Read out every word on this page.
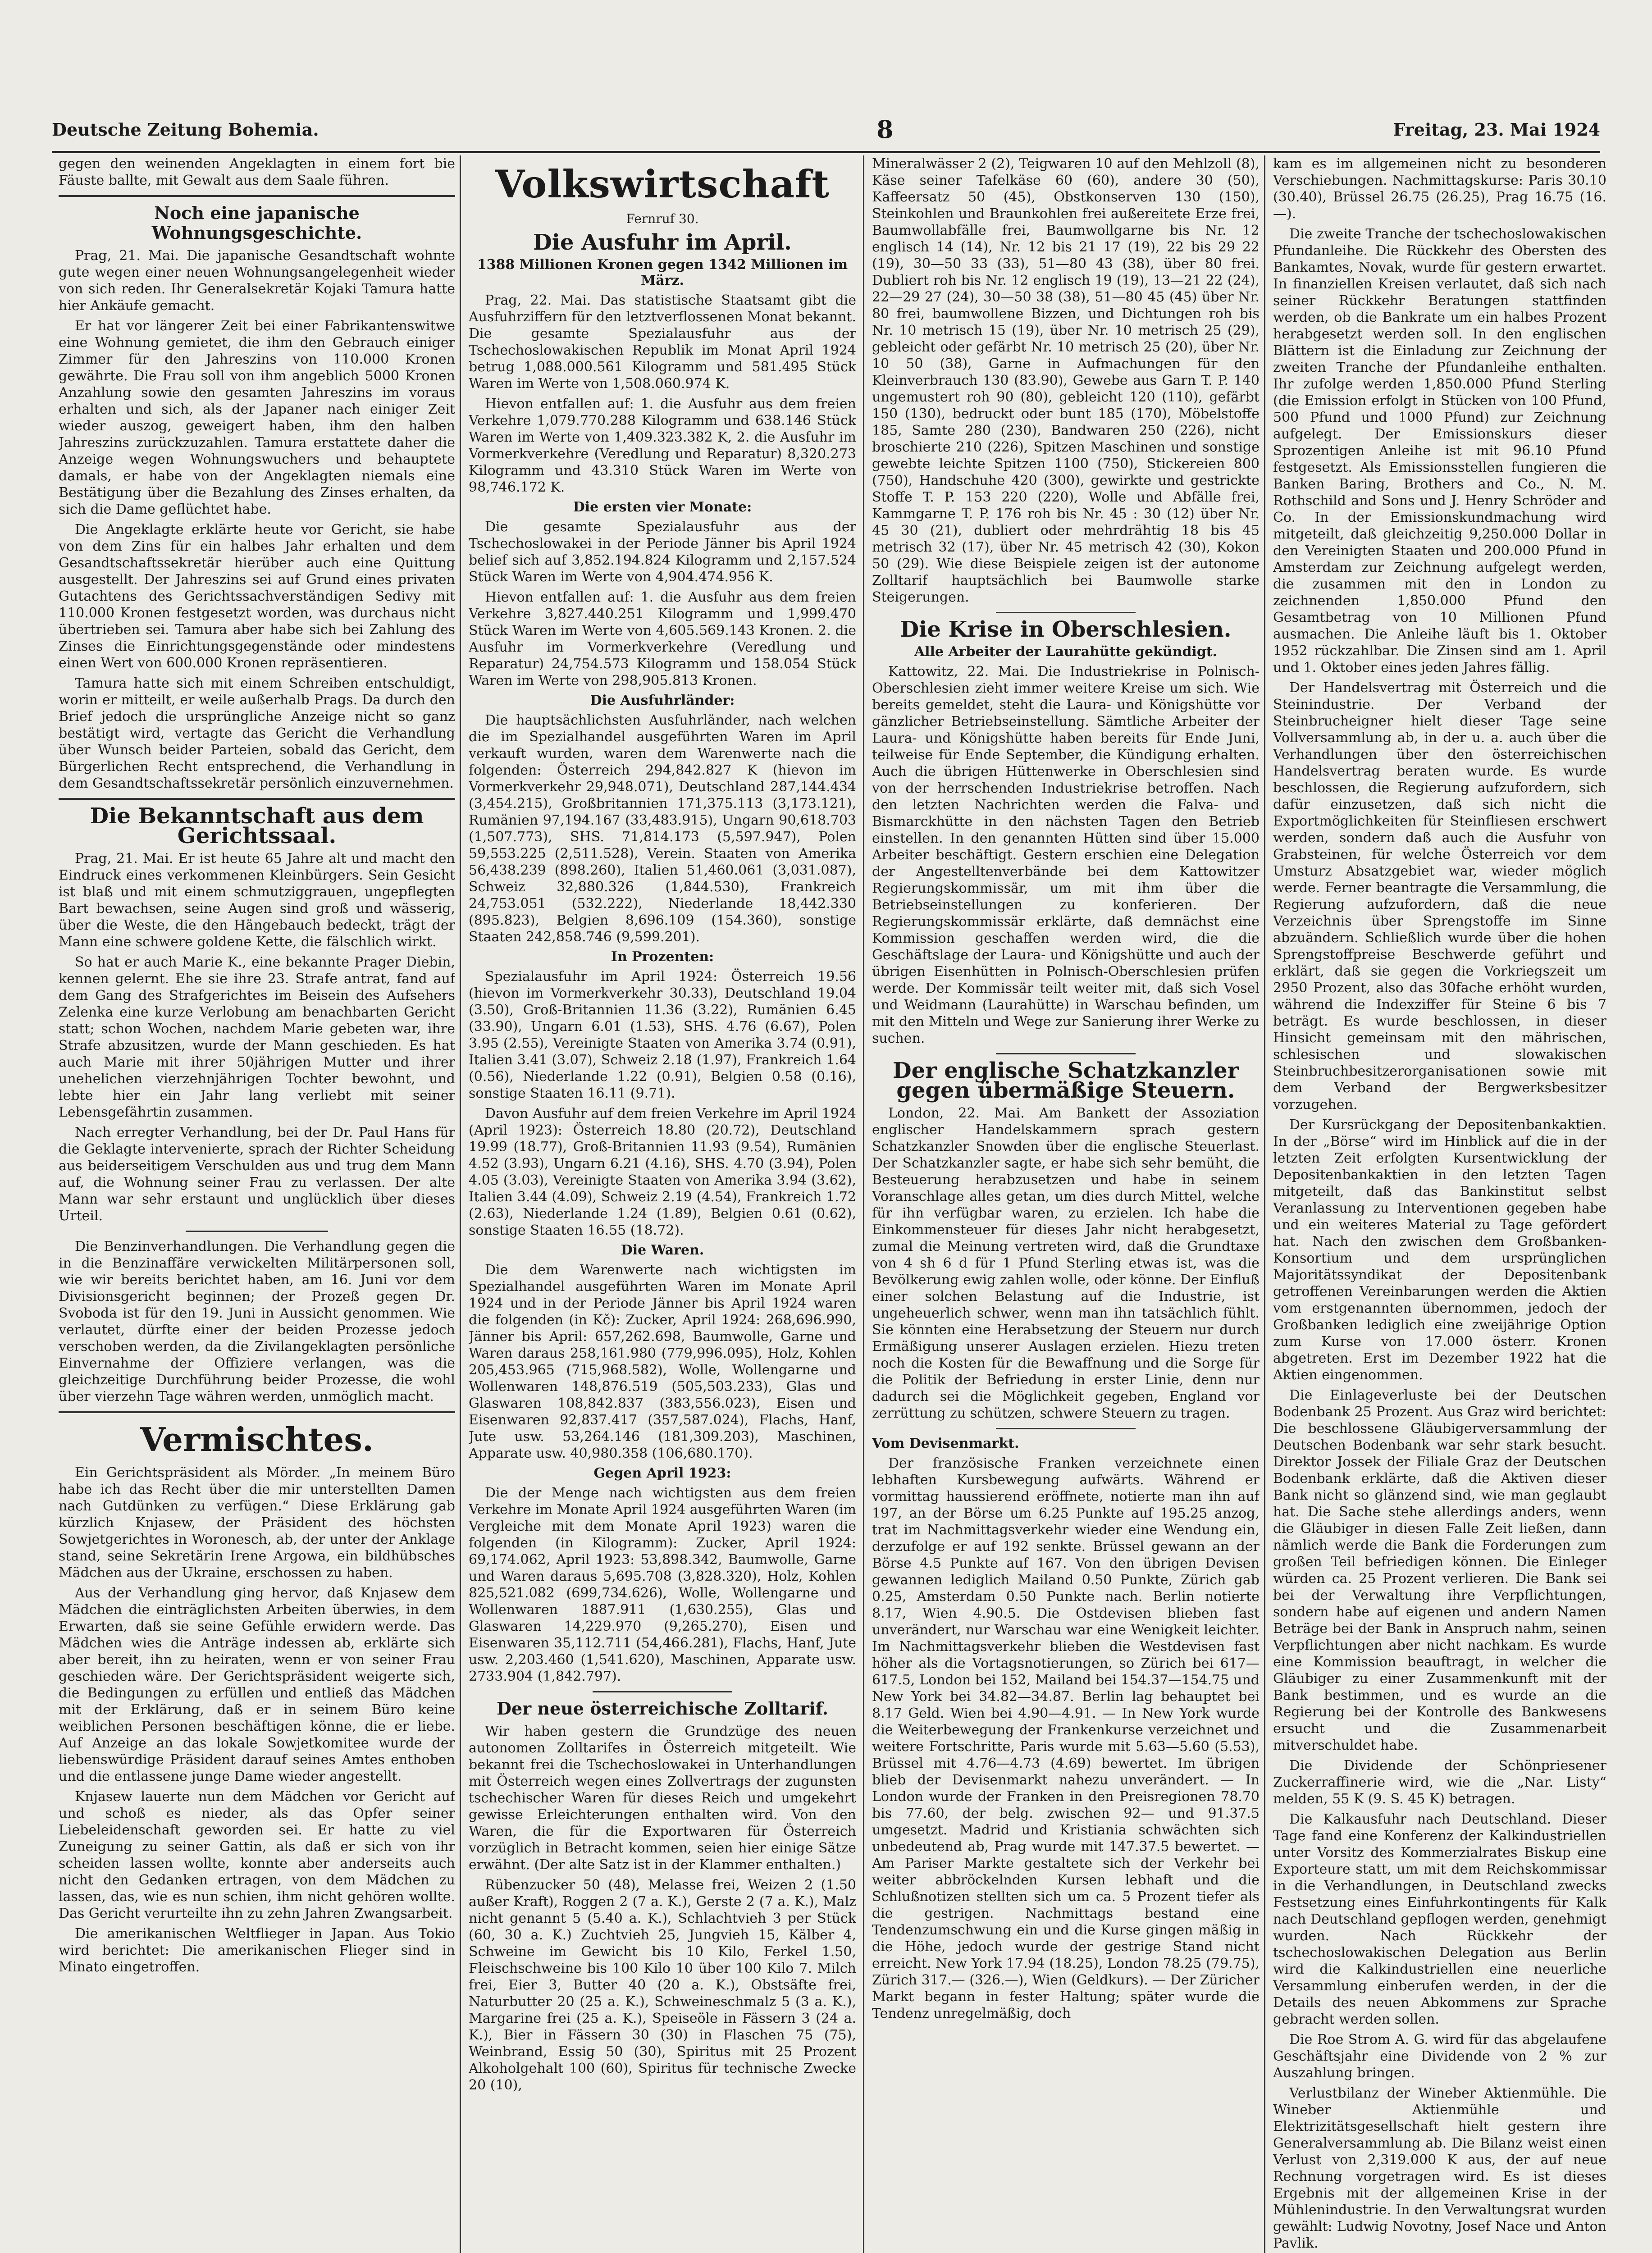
Deutsche Zeitung Bohemia.	8	Freitag, 23. Mai 1924

gegen den weinenden Angeklagten in einem fort bie Fäuste ballte, mit Gewalt aus dem Saale führen.

Noch eine japanische Wohnungsgeschichte.

Prag, 21. Mai. Die japanische Gesandtschaft wohnte gute wegen einer neuen Wohnungsangelegenheit wieder von sich reden. Ihr Generalsekretär Kojaki Tamura hatte hier Ankäufe gemacht.

Er hat vor längerer Zeit bei einer Fabrikantenswitwe eine Wohnung gemietet, die ihm den Gebrauch einiger Zimmer für den Jahreszins von 110.000 Kronen gewährte. Die Frau soll von ihm angeblich 5000 Kronen Anzahlung sowie den gesamten Jahreszins im voraus erhalten und sich, als der Japaner nach einiger Zeit wieder auszog, geweigert haben, ihm den halben Jahreszins zurückzuzahlen. Tamura erstattete daher die Anzeige wegen Wohnungswuchers und behauptete damals, er habe von der Angeklagten niemals eine Bestätigung über die Bezahlung des Zinses erhalten, da sich die Dame geflüchtet habe.

Die Angeklagte erklärte heute vor Gericht, sie habe von dem Zins für ein halbes Jahr erhalten und dem Gesandtschaftssekretär hierüber auch eine Quittung ausgestellt. Der Jahreszins sei auf Grund eines privaten Gutachtens des Gerichtssachverständigen Sedivy mit 110.000 Kronen festgesetzt worden, was durchaus nicht übertrieben sei. Tamura aber habe sich bei Zahlung des Zinses die Einrichtungsgegenstände oder mindestens einen Wert von 600.000 Kronen repräsentieren.

Tamura hatte sich mit einem Schreiben entschuldigt, worin er mitteilt, er weile außerhalb Prags. Da durch den Brief jedoch die ursprüngliche Anzeige nicht so ganz bestätigt wird, vertagte das Gericht die Verhandlung über Wunsch beider Parteien, sobald das Gericht, dem Bürgerlichen Recht entsprechend, die Verhandlung in dem Gesandtschaftssekretär persönlich einzuvernehmen.

Die Bekanntschaft aus dem Gerichtssaal.

Prag, 21. Mai. Er ist heute 65 Jahre alt und macht den Eindruck eines verkommenen Kleinbürgers. Sein Gesicht ist blaß und mit einem schmutziggrauen, ungepflegten Bart bewachsen, seine Augen sind groß und wässerig, über die Weste, die den Hängebauch bedeckt, trägt der Mann eine schwere goldene Kette, die fälschlich wirkt.

So hat er auch Marie K., eine bekannte Prager Diebin, kennen gelernt. Ehe sie ihre 23. Strafe antrat, fand auf dem Gang des Strafgerichtes im Beisein des Aufsehers Zelenka eine kurze Verlobung am benachbarten Gericht statt; schon Wochen, nachdem Marie gebeten war, ihre Strafe abzusitzen, wurde der Mann geschieden. Es hat auch Marie mit ihrer 50jährigen Mutter und ihrer unehelichen vierzehnjährigen Tochter bewohnt, und lebte hier ein Jahr lang verliebt mit seiner Lebensgefährtin zusammen.

Nach erregter Verhandlung, bei der Dr. Paul Hans für die Geklagte intervenierte, sprach der Richter Scheidung aus beiderseitigem Verschulden aus und trug dem Mann auf, die Wohnung seiner Frau zu verlassen. Der alte Mann war sehr erstaunt und unglücklich über dieses Urteil.

Die Benzinverhandlungen. Die Verhandlung gegen die in die Benzinaffäre verwickelten Militärpersonen soll, wie wir bereits berichtet haben, am 16. Juni vor dem Divisionsgericht beginnen; der Prozeß gegen Dr. Svoboda ist für den 19. Juni in Aussicht genommen. Wie verlautet, dürfte einer der beiden Prozesse jedoch verschoben werden, da die Zivilangeklagten persönliche Einvernahme der Offiziere verlangen, was die gleichzeitige Durchführung beider Prozesse, die wohl über vierzehn Tage währen werden, unmöglich macht.

Vermischtes.

Ein Gerichtspräsident als Mörder. „In meinem Büro habe ich das Recht über die mir unterstellten Damen nach Gutdünken zu verfügen.“ Diese Erklärung gab kürzlich Knjasew, der Präsident des höchsten Sowjetgerichtes in Woronesch, ab, der unter der Anklage stand, seine Sekretärin Irene Argowa, ein bildhübsches Mädchen aus der Ukraine, erschossen zu haben.

Aus der Verhandlung ging hervor, daß Knjasew dem Mädchen die einträglichsten Arbeiten überwies, in dem Erwarten, daß sie seine Gefühle erwidern werde. Das Mädchen wies die Anträge indessen ab, erklärte sich aber bereit, ihn zu heiraten, wenn er von seiner Frau geschieden wäre. Der Gerichtspräsident weigerte sich, die Bedingungen zu erfüllen und entließ das Mädchen mit der Erklärung, daß er in seinem Büro keine weiblichen Personen beschäftigen könne, die er liebe. Auf Anzeige an das lokale Sowjetkomitee wurde der liebenswürdige Präsident darauf seines Amtes enthoben und die entlassene junge Dame wieder angestellt.

Knjasew lauerte nun dem Mädchen vor Gericht auf und schoß es nieder, als das Opfer seiner Liebeleidenschaft geworden sei. Er hatte zu viel Zuneigung zu seiner Gattin, als daß er sich von ihr scheiden lassen wollte, konnte aber anderseits auch nicht den Gedanken ertragen, von dem Mädchen zu lassen, das, wie es nun schien, ihm nicht gehören wollte. Das Gericht verurteilte ihn zu zehn Jahren Zwangsarbeit.

Die amerikanischen Weltflieger in Japan. Aus Tokio wird berichtet: Die amerikanischen Flieger sind in Minato eingetroffen.

Volkswirtschaft
Fernruf 30.
Die Ausfuhr im April.
1388 Millionen Kronen gegen 1342 Millionen im März.

Prag, 22. Mai. Das statistische Staatsamt gibt die Ausfuhrziffern für den letztverflossenen Monat bekannt. Die gesamte Spezialausfuhr aus der Tschechoslowakischen Republik im Monat April 1924 betrug 1,088.000.561 Kilogramm und 581.495 Stück Waren im Werte von 1,508.060.974 K.

Hievon entfallen auf: 1. die Ausfuhr aus dem freien Verkehre 1,079.770.288 Kilogramm und 638.146 Stück Waren im Werte von 1,409.323.382 K, 2. die Ausfuhr im Vormerkverkehre (Veredlung und Reparatur) 8,320.273 Kilogramm und 43.310 Stück Waren im Werte von 98,746.172 K.

Die ersten vier Monate:

Die gesamte Spezialausfuhr aus der Tschechoslowakei in der Periode Jänner bis April 1924 belief sich auf 3,852.194.824 Kilogramm und 2,157.524 Stück Waren im Werte von 4,904.474.956 K.

Hievon entfallen auf: 1. die Ausfuhr aus dem freien Verkehre 3,827.440.251 Kilogramm und 1,999.470 Stück Waren im Werte von 4,605.569.143 Kronen. 2. die Ausfuhr im Vormerkverkehre (Veredlung und Reparatur) 24,754.573 Kilogramm und 158.054 Stück Waren im Werte von 298,905.813 Kronen.

Die Ausfuhrländer:

Die hauptsächlichsten Ausfuhrländer, nach welchen die im Spezialhandel ausgeführten Waren im April verkauft wurden, waren dem Warenwerte nach die folgenden: Österreich 294,842.827 K (hievon im Vormerkverkehr 29,948.071), Deutschland 287,144.434 (3,454.215), Großbritannien 171,375.113 (3,173.121), Rumänien 97,194.167 (33,483.915), Ungarn 90,618.703 (1,507.773), SHS. 71,814.173 (5,597.947), Polen 59,553.225 (2,511.528), Verein. Staaten von Amerika 56,438.239 (898.260), Italien 51,460.061 (3,031.087), Schweiz 32,880.326 (1,844.530), Frankreich 24,753.051 (532.222), Niederlande 18,442.330 (895.823), Belgien 8,696.109 (154.360), sonstige Staaten 242,858.746 (9,599.201).

In Prozenten:

Spezialausfuhr im April 1924: Österreich 19.56 (hievon im Vormerkverkehr 30.33), Deutschland 19.04 (3.50), Groß-Britannien 11.36 (3.22), Rumänien 6.45 (33.90), Ungarn 6.01 (1.53), SHS. 4.76 (6.67), Polen 3.95 (2.55), Vereinigte Staaten von Amerika 3.74 (0.91), Italien 3.41 (3.07), Schweiz 2.18 (1.97), Frankreich 1.64 (0.56), Niederlande 1.22 (0.91), Belgien 0.58 (0.16), sonstige Staaten 16.11 (9.71).

Davon Ausfuhr auf dem freien Verkehre im April 1924 (April 1923): Österreich 18.80 (20.72), Deutschland 19.99 (18.77), Groß-Britannien 11.93 (9.54), Rumänien 4.52 (3.93), Ungarn 6.21 (4.16), SHS. 4.70 (3.94), Polen 4.05 (3.03), Vereinigte Staaten von Amerika 3.94 (3.62), Italien 3.44 (4.09), Schweiz 2.19 (4.54), Frankreich 1.72 (2.63), Niederlande 1.24 (1.89), Belgien 0.61 (0.62), sonstige Staaten 16.55 (18.72).

Die Waren.

Die dem Warenwerte nach wichtigsten im Spezialhandel ausgeführten Waren im Monate April 1924 und in der Periode Jänner bis April 1924 waren die folgenden (in Kč): Zucker, April 1924: 268,696.990, Jänner bis April: 657,262.698, Baumwolle, Garne und Waren daraus 258,161.980 (779,996.095), Holz, Kohlen 205,453.965 (715,968.582), Wolle, Wollengarne und Wollenwaren 148,876.519 (505,503.233), Glas und Glaswaren 108,842.837 (383,556.023), Eisen und Eisenwaren 92,837.417 (357,587.024), Flachs, Hanf, Jute usw. 53,264.146 (181,309.203), Maschinen, Apparate usw. 40,980.358 (106,680.170).

Gegen April 1923:

Die der Menge nach wichtigsten aus dem freien Verkehre im Monate April 1924 ausgeführten Waren (im Vergleiche mit dem Monate April 1923) waren die folgenden (in Kilogramm): Zucker, April 1924: 69,174.062, April 1923: 53,898.342, Baumwolle, Garne und Waren daraus 5,695.708 (3,828.320), Holz, Kohlen 825,521.082 (699,734.626), Wolle, Wollengarne und Wollenwaren 1887.911 (1,630.255), Glas und Glaswaren 14,229.970 (9,265.270), Eisen und Eisenwaren 35,112.711 (54,466.281), Flachs, Hanf, Jute usw. 2,203.460 (1,541.620), Maschinen, Apparate usw. 2733.904 (1,842.797).

Der neue österreichische Zolltarif.

Wir haben gestern die Grundzüge des neuen autonomen Zolltarifes in Österreich mitgeteilt. Wie bekannt frei die Tschechoslowakei in Unterhandlungen mit Österreich wegen eines Zollvertrags der zugunsten tschechischer Waren für dieses Reich und umgekehrt gewisse Erleichterungen enthalten wird. Von den Waren, die für die Exportwaren für Österreich vorzüglich in Betracht kommen, seien hier einige Sätze erwähnt. (Der alte Satz ist in der Klammer enthalten.)

Rübenzucker 50 (48), Melasse frei, Weizen 2 (1.50 außer Kraft), Roggen 2 (7 a. K.), Gerste 2 (7 a. K.), Malz nicht genannt 5 (5.40 a. K.), Schlachtvieh 3 per Stück (60, 30 a. K.) Zuchtvieh 25, Jungvieh 15, Kälber 4, Schweine im Gewicht bis 10 Kilo, Ferkel 1.50, Fleischschweine bis 100 Kilo 10 über 100 Kilo 7. Milch frei, Eier 3, Butter 40 (20 a. K.), Obstsäfte frei, Naturbutter 20 (25 a. K.), Schweineschmalz 5 (3 a. K.), Margarine frei (25 a. K.), Speiseöle in Fässern 3 (24 a. K.), Bier in Fässern 30 (30) in Flaschen 75 (75), Weinbrand, Essig 50 (30), Spiritus mit 25 Prozent Alkoholgehalt 100 (60), Spiritus für technische Zwecke 20 (10),

Mineralwässer 2 (2), Teigwaren 10 auf den Mehlzoll (8), Käse seiner Tafelkäse 60 (60), andere 30 (50), Kaffeersatz 50 (45), Obstkonserven 130 (150), Steinkohlen und Braunkohlen frei außereitete Erze frei, Baumwollabfälle frei, Baumwollgarne bis Nr. 12 englisch 14 (14), Nr. 12 bis 21 17 (19), 22 bis 29 22 (19), 30—50 33 (33), 51—80 43 (38), über 80 frei. Dubliert roh bis Nr. 12 englisch 19 (19), 13—21 22 (24), 22—29 27 (24), 30—50 38 (38), 51—80 45 (45) über Nr. 80 frei, baumwollene Bizzen, und Dichtungen roh bis Nr. 10 metrisch 15 (19), über Nr. 10 metrisch 25 (29), gebleicht oder gefärbt Nr. 10 metrisch 25 (20), über Nr. 10 50 (38), Garne in Aufmachungen für den Kleinverbrauch 130 (83.90), Gewebe aus Garn T. P. 140 ungemustert roh 90 (80), gebleicht 120 (110), gefärbt 150 (130), bedruckt oder bunt 185 (170), Möbelstoffe 185, Samte 280 (230), Bandwaren 250 (226), nicht broschierte 210 (226), Spitzen Maschinen und sonstige gewebte leichte Spitzen 1100 (750), Stickereien 800 (750), Handschuhe 420 (300), gewirkte und gestrickte Stoffe T. P. 153 220 (220), Wolle und Abfälle frei, Kammgarne T. P. 176 roh bis Nr. 45 : 30 (12) über Nr. 45 30 (21), dubliert oder mehrdrähtig 18 bis 45 metrisch 32 (17), über Nr. 45 metrisch 42 (30), Kokon 50 (29). Wie diese Beispiele zeigen ist der autonome Zolltarif hauptsächlich bei Baumwolle starke Steigerungen.

Die Krise in Oberschlesien.
Alle Arbeiter der Laurahütte gekündigt.

Kattowitz, 22. Mai. Die Industriekrise in Polnisch-Oberschlesien zieht immer weitere Kreise um sich. Wie bereits gemeldet, steht die Laura- und Königshütte vor gänzlicher Betriebseinstellung. Sämtliche Arbeiter der Laura- und Königshütte haben bereits für Ende Juni, teilweise für Ende September, die Kündigung erhalten. Auch die übrigen Hüttenwerke in Oberschlesien sind von der herrschenden Industriekrise betroffen. Nach den letzten Nachrichten werden die Falva- und Bismarckhütte in den nächsten Tagen den Betrieb einstellen. In den genannten Hütten sind über 15.000 Arbeiter beschäftigt. Gestern erschien eine Delegation der Angestelltenverbände bei dem Kattowitzer Regierungskommissär, um mit ihm über die Betriebseinstellungen zu konferieren. Der Regierungskommissär erklärte, daß demnächst eine Kommission geschaffen werden wird, die die Geschäftslage der Laura- und Königshütte und auch der übrigen Eisenhütten in Polnisch-Oberschlesien prüfen werde. Der Kommissär teilt weiter mit, daß sich Vosel und Weidmann (Laurahütte) in Warschau befinden, um mit den Mitteln und Wege zur Sanierung ihrer Werke zu suchen.

Der englische Schatzkanzler gegen übermäßige Steuern.

London, 22. Mai. Am Bankett der Assoziation englischer Handelskammern sprach gestern Schatzkanzler Snowden über die englische Steuerlast. Der Schatzkanzler sagte, er habe sich sehr bemüht, die Besteuerung herabzusetzen und habe in seinem Voranschlage alles getan, um dies durch Mittel, welche für ihn verfügbar waren, zu erzielen. Ich habe die Einkommensteuer für dieses Jahr nicht herabgesetzt, zumal die Meinung vertreten wird, daß die Grundtaxe von 4 sh 6 d für 1 Pfund Sterling etwas ist, was die Bevölkerung ewig zahlen wolle, oder könne. Der Einfluß einer solchen Belastung auf die Industrie, ist ungeheuerlich schwer, wenn man ihn tatsächlich fühlt. Sie könnten eine Herabsetzung der Steuern nur durch Ermäßigung unserer Auslagen erzielen. Hiezu treten noch die Kosten für die Bewaffnung und die Sorge für die Politik der Befriedung in erster Linie, denn nur dadurch sei die Möglichkeit gegeben, England vor zerrüttung zu schützen, schwere Steuern zu tragen.

Vom Devisenmarkt.

Der französische Franken verzeichnete einen lebhaften Kursbewegung aufwärts. Während er vormittag haussierend eröffnete, notierte man ihn auf 197, an der Börse um 6.25 Punkte auf 195.25 anzog, trat im Nachmittagsverkehr wieder eine Wendung ein, derzufolge er auf 192 senkte. Brüssel gewann an der Börse 4.5 Punkte auf 167. Von den übrigen Devisen gewannen lediglich Mailand 0.50 Punkte, Zürich gab 0.25, Amsterdam 0.50 Punkte nach. Berlin notierte 8.17, Wien 4.90.5. Die Ostdevisen blieben fast unverändert, nur Warschau war eine Wenigkeit leichter. Im Nachmittagsverkehr blieben die Westdevisen fast höher als die Vortagsnotierungen, so Zürich bei 617—617.5, London bei 152, Mailand bei 154.37—154.75 und New York bei 34.82—34.87. Berlin lag behauptet bei 8.17 Geld. Wien bei 4.90—4.91. — In New York wurde die Weiterbewegung der Frankenkurse verzeichnet und weitere Fortschritte, Paris wurde mit 5.63—5.60 (5.53), Brüssel mit 4.76—4.73 (4.69) bewertet. Im übrigen blieb der Devisenmarkt nahezu unverändert. — In London wurde der Franken in den Preisregionen 78.70 bis 77.60, der belg. zwischen 92— und 91.37.5 umgesetzt. Madrid und Kristiania schwächten sich unbedeutend ab, Prag wurde mit 147.37.5 bewertet. — Am Pariser Markte gestaltete sich der Verkehr bei weiter abbröckelnden Kursen lebhaft und die Schlußnotizen stellten sich um ca. 5 Prozent tiefer als die gestrigen. Nachmittags bestand eine Tendenzumschwung ein und die Kurse gingen mäßig in die Höhe, jedoch wurde der gestrige Stand nicht erreicht. New York 17.94 (18.25), London 78.25 (79.75), Zürich 317.— (326.—), Wien (Geldkurs). — Der Züricher Markt begann in fester Haltung; später wurde die Tendenz unregelmäßig, doch

kam es im allgemeinen nicht zu besonderen Verschiebungen. Nachmittagskurse: Paris 30.10 (30.40), Brüssel 26.75 (26.25), Prag 16.75 (16.—).

Die zweite Tranche der tschechoslowakischen Pfundanleihe. Die Rückkehr des Obersten des Bankamtes, Novak, wurde für gestern erwartet. In finanziellen Kreisen verlautet, daß sich nach seiner Rückkehr Beratungen stattfinden werden, ob die Bankrate um ein halbes Prozent herabgesetzt werden soll. In den englischen Blättern ist die Einladung zur Zeichnung der zweiten Tranche der Pfundanleihe enthalten. Ihr zufolge werden 1,850.000 Pfund Sterling (die Emission erfolgt in Stücken von 100 Pfund, 500 Pfund und 1000 Pfund) zur Zeichnung aufgelegt. Der Emissionskurs dieser Sprozentigen Anleihe ist mit 96.10 Pfund festgesetzt. Als Emissionsstellen fungieren die Banken Baring, Brothers and Co., N. M. Rothschild and Sons und J. Henry Schröder and Co. In der Emissionskundmachung wird mitgeteilt, daß gleichzeitig 9,250.000 Dollar in den Vereinigten Staaten und 200.000 Pfund in Amsterdam zur Zeichnung aufgelegt werden, die zusammen mit den in London zu zeichnenden 1,850.000 Pfund den Gesamtbetrag von 10 Millionen Pfund ausmachen. Die Anleihe läuft bis 1. Oktober 1952 rückzahlbar. Die Zinsen sind am 1. April und 1. Oktober eines jeden Jahres fällig.

Der Handelsvertrag mit Österreich und die Steinindustrie. Der Verband der Steinbrucheigner hielt dieser Tage seine Vollversammlung ab, in der u. a. auch über die Verhandlungen über den österreichischen Handelsvertrag beraten wurde. Es wurde beschlossen, die Regierung aufzufordern, sich dafür einzusetzen, daß sich nicht die Exportmöglichkeiten für Steinfliesen erschwert werden, sondern daß auch die Ausfuhr von Grabsteinen, für welche Österreich vor dem Umsturz Absatzgebiet war, wieder möglich werde. Ferner beantragte die Versammlung, die Regierung aufzufordern, daß die neue Verzeichnis über Sprengstoffe im Sinne abzuändern. Schließlich wurde über die hohen Sprengstoffpreise Beschwerde geführt und erklärt, daß sie gegen die Vorkriegszeit um 2950 Prozent, also das 30fache erhöht wurden, während die Indexziffer für Steine 6 bis 7 beträgt. Es wurde beschlossen, in dieser Hinsicht gemeinsam mit den mährischen, schlesischen und slowakischen Steinbruchbesitzerorganisationen sowie mit dem Verband der Bergwerksbesitzer vorzugehen.

Der Kursrückgang der Depositenbankaktien. In der „Börse“ wird im Hinblick auf die in der letzten Zeit erfolgten Kursentwicklung der Depositenbankaktien in den letzten Tagen mitgeteilt, daß das Bankinstitut selbst Veranlassung zu Interventionen gegeben habe und ein weiteres Material zu Tage gefördert hat. Nach den zwischen dem Großbanken-Konsortium und dem ursprünglichen Majoritätssyndikat der Depositenbank getroffenen Vereinbarungen werden die Aktien vom erstgenannten übernommen, jedoch der Großbanken lediglich eine zweijährige Option zum Kurse von 17.000 österr. Kronen abgetreten. Erst im Dezember 1922 hat die Aktien eingenommen.

Die Einlageverluste bei der Deutschen Bodenbank 25 Prozent. Aus Graz wird berichtet: Die beschlossene Gläubigerversammlung der Deutschen Bodenbank war sehr stark besucht. Direktor Jossek der Filiale Graz der Deutschen Bodenbank erklärte, daß die Aktiven dieser Bank nicht so glänzend sind, wie man geglaubt hat. Die Sache stehe allerdings anders, wenn die Gläubiger in diesen Falle Zeit ließen, dann nämlich werde die Bank die Forderungen zum großen Teil befriedigen können. Die Einleger würden ca. 25 Prozent verlieren. Die Bank sei bei der Verwaltung ihre Verpflichtungen, sondern habe auf eigenen und andern Namen Beträge bei der Bank in Anspruch nahm, seinen Verpflichtungen aber nicht nachkam. Es wurde eine Kommission beauftragt, in welcher die Gläubiger zu einer Zusammenkunft mit der Bank bestimmen, und es wurde an die Regierung bei der Kontrolle des Bankwesens ersucht und die Zusammenarbeit mitverschuldet habe.

Die Dividende der Schönpriesener Zuckerraffinerie wird, wie die „Nar. Listy“ melden, 55 K (9. S. 45 K) betragen.

Die Kalkausfuhr nach Deutschland. Dieser Tage fand eine Konferenz der Kalkindustriellen unter Vorsitz des Kommerzialrates Biskup eine Exporteure statt, um mit dem Reichskommissar in die Verhandlungen, in Deutschland zwecks Festsetzung eines Einfuhrkontingents für Kalk nach Deutschland gepflogen werden, genehmigt wurden. Nach Rückkehr der tschechoslowakischen Delegation aus Berlin wird die Kalkindustriellen eine neuerliche Versammlung einberufen werden, in der die Details des neuen Abkommens zur Sprache gebracht werden sollen.

Die Roe Strom A. G. wird für das abgelaufene Geschäftsjahr eine Dividende von 2 % zur Auszahlung bringen.

Verlustbilanz der Wineber Aktienmühle. Die Wineber Aktienmühle und Elektrizitätsgesellschaft hielt gestern ihre Generalversammlung ab. Die Bilanz weist einen Verlust von 2,319.000 K aus, der auf neue Rechnung vorgetragen wird. Es ist dieses Ergebnis mit der allgemeinen Krise in der Mühlenindustrie. In den Verwaltungsrat wurden gewählt: Ludwig Novotny, Josef Nace und Anton Pavlik.
